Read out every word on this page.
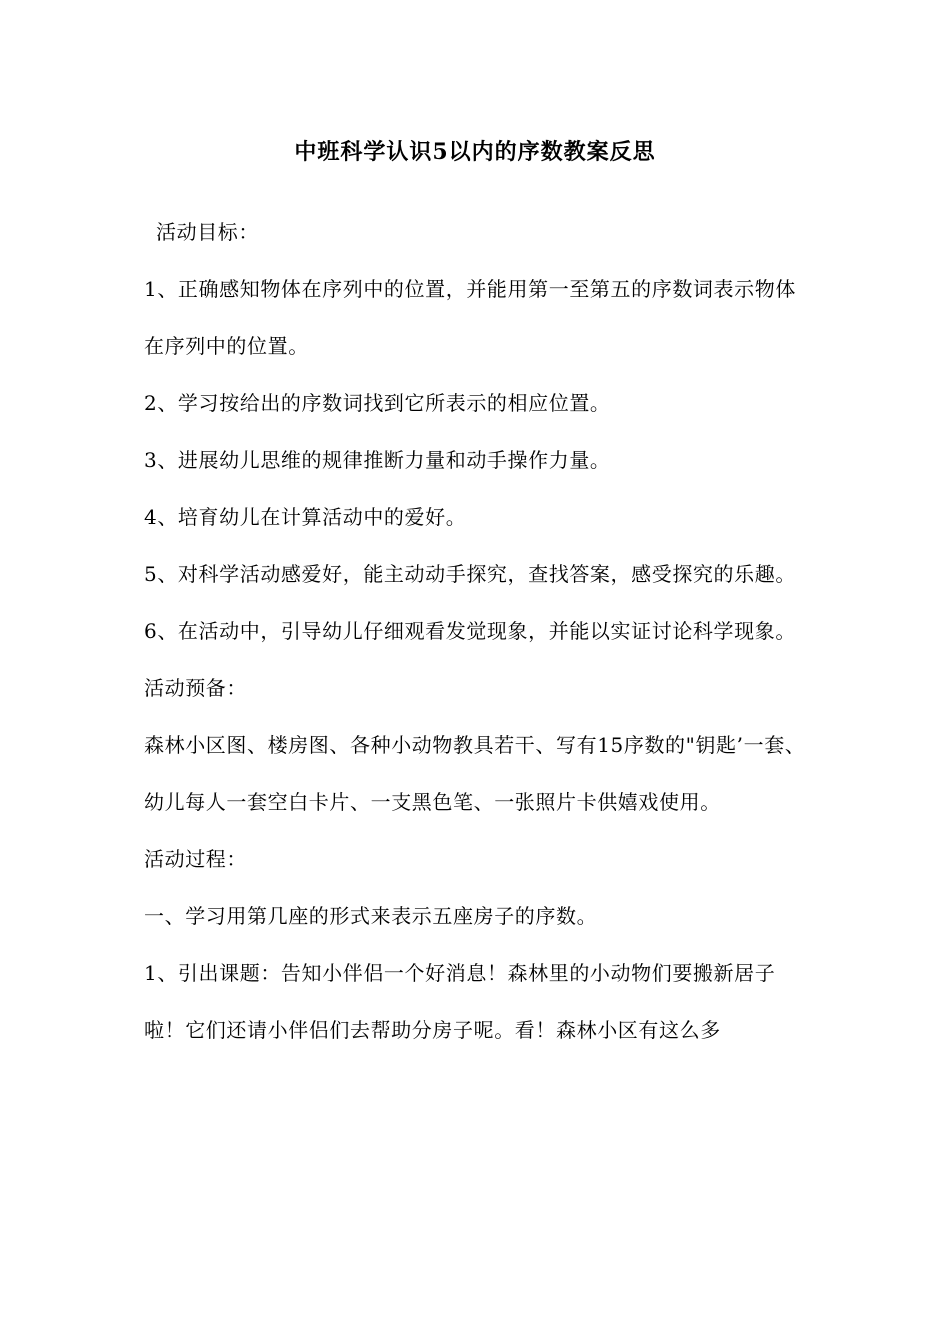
中班科学认识5以内的序数教案反思

活动目标：

1、正确感知物体在序列中的位置，并能用第一至第五的序数词表示物体在序列中的位置。

2、学习按给出的序数词找到它所表示的相应位置。

3、进展幼儿思维的规律推断力量和动手操作力量。

4、培育幼儿在计算活动中的爱好。

5、对科学活动感爱好，能主动动手探究，查找答案，感受探究的乐趣。

6、在活动中，引导幼儿仔细观看发觉现象，并能以实证讨论科学现象。

活动预备：

森林小区图、楼房图、各种小动物教具若干、写有15序数的"钥匙’一套、幼儿每人一套空白卡片、一支黑色笔、一张照片卡供嬉戏使用。

活动过程：

一、学习用第几座的形式来表示五座房子的序数。

1、引出课题：告知小伴侣一个好消息！森林里的小动物们要搬新居子啦！它们还请小伴侣们去帮助分房子呢。看！森林小区有这么多
